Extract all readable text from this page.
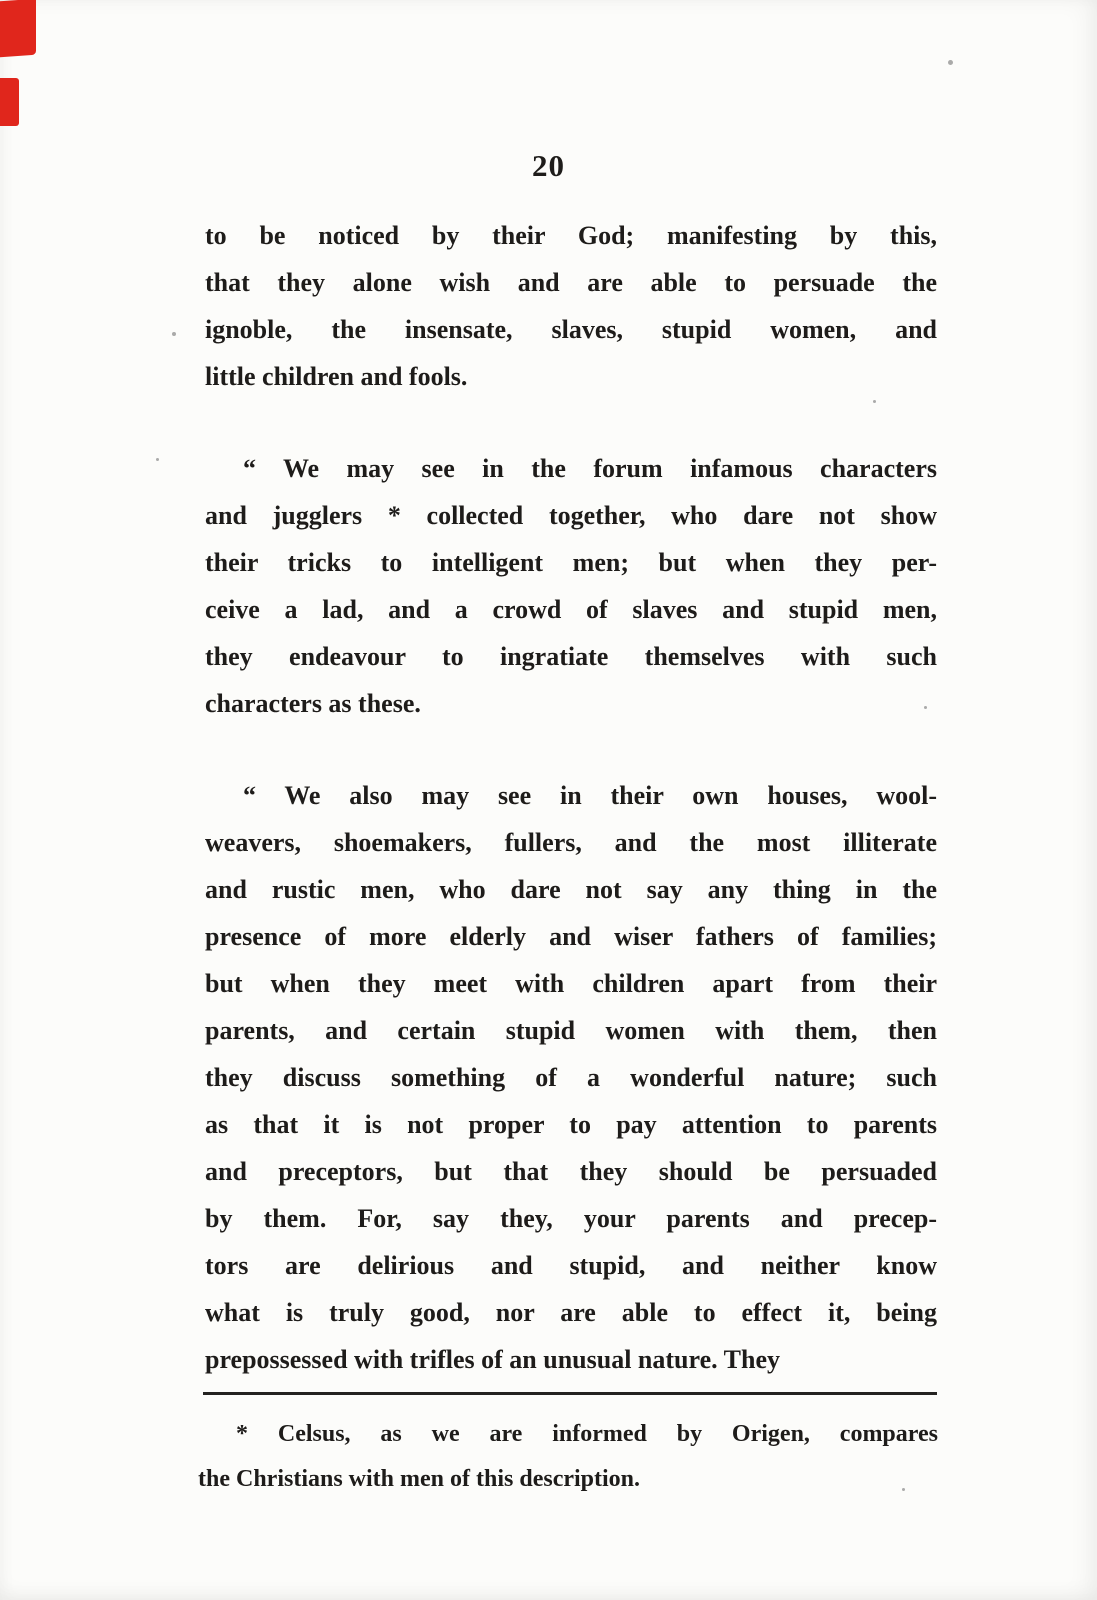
20
to be noticed by their God; manifesting by this,
that they alone wish and are able to persuade the
ignoble, the insensate, slaves, stupid women, and
little children and fools.
“ We may see in the forum infamous characters
and jugglers * collected together, who dare not show
their tricks to intelligent men; but when they per-
ceive a lad, and a crowd of slaves and stupid men,
they endeavour to ingratiate themselves with such
characters as these.
“ We also may see in their own houses, wool-
weavers, shoemakers, fullers, and the most illiterate
and rustic men, who dare not say any thing in the
presence of more elderly and wiser fathers of families;
but when they meet with children apart from their
parents, and certain stupid women with them, then
they discuss something of a wonderful nature; such
as that it is not proper to pay attention to parents
and preceptors, but that they should be persuaded
by them. For, say they, your parents and precep-
tors are delirious and stupid, and neither know
what is truly good, nor are able to effect it, being
prepossessed with trifles of an unusual nature. They
* Celsus, as we are informed by Origen, compares
the Christians with men of this description.
